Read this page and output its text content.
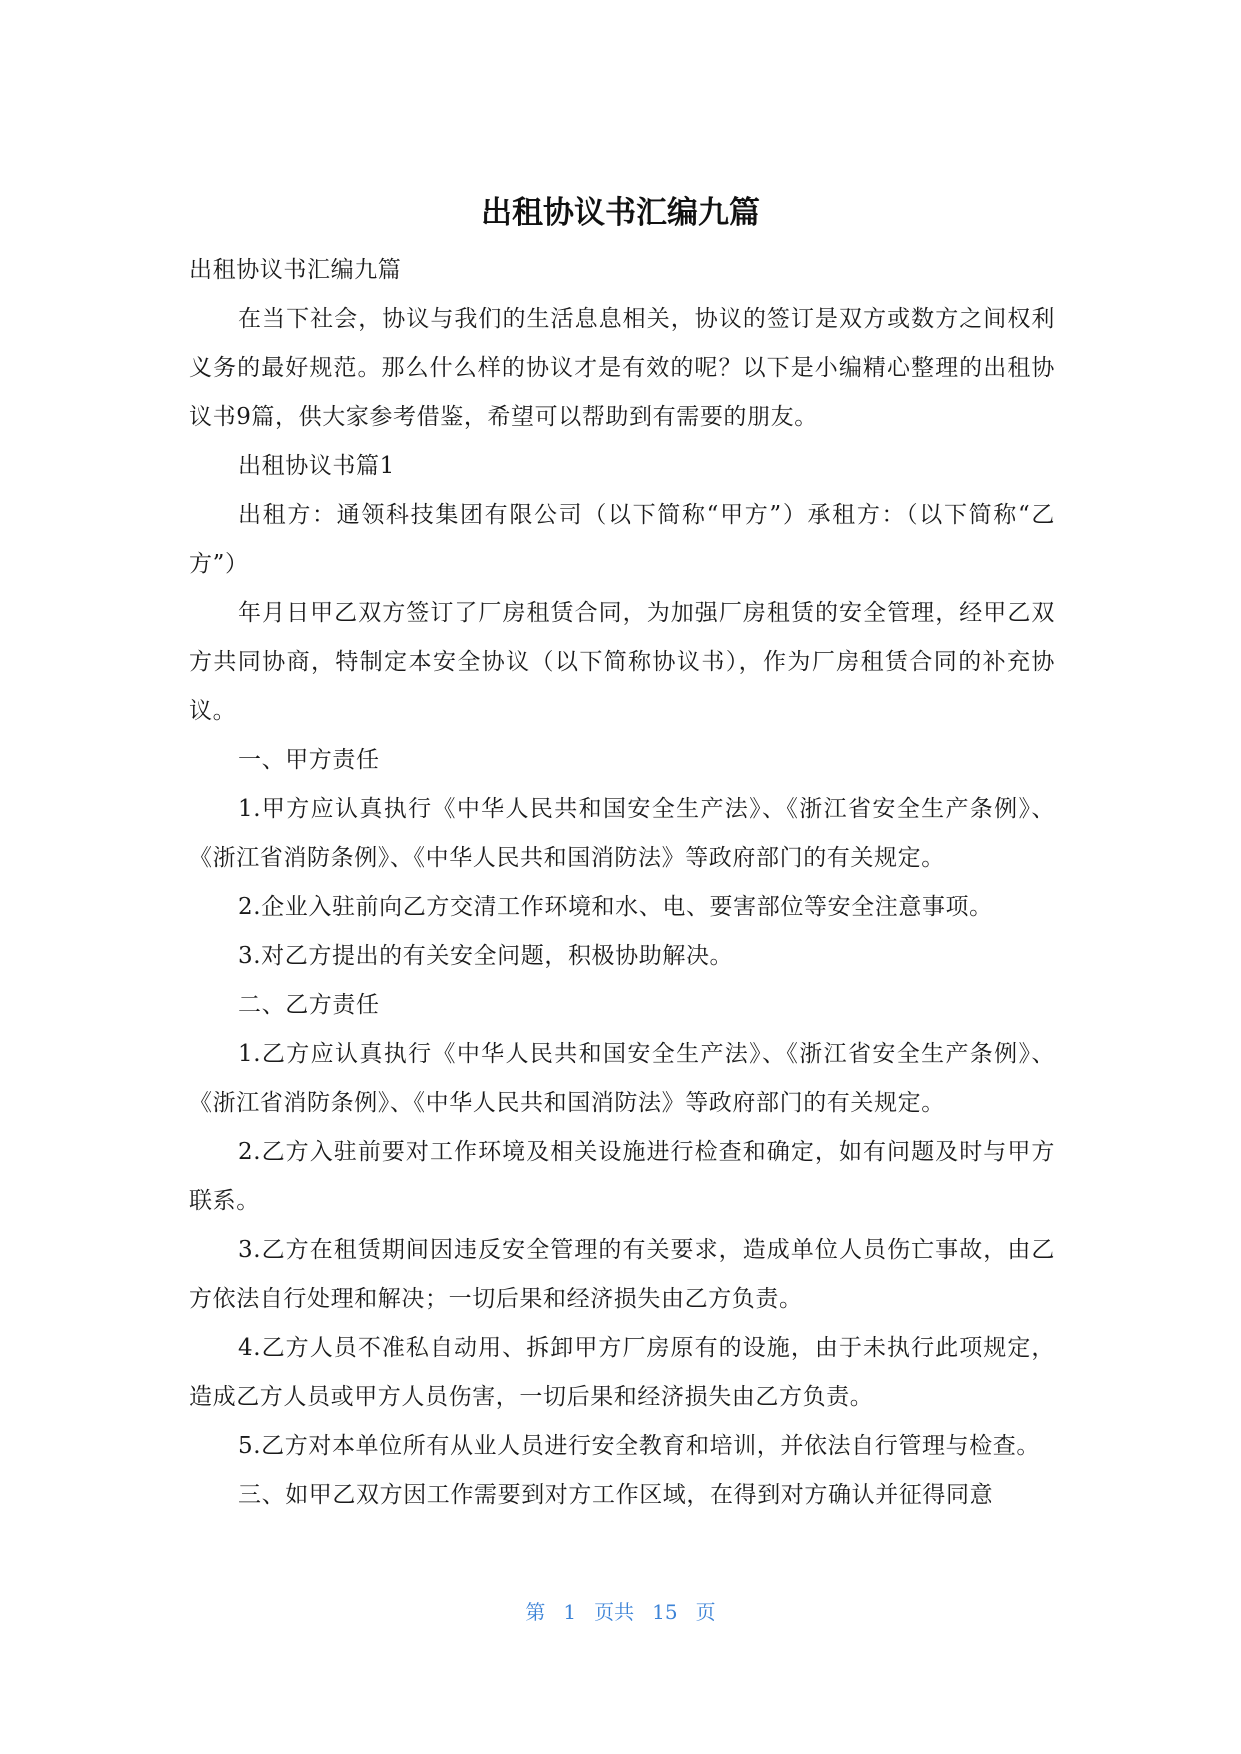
出租协议书汇编九篇

出租协议书汇编九篇

在当下社会，协议与我们的生活息息相关，协议的签订是双方或数方之间权利义务的最好规范。那么什么样的协议才是有效的呢？以下是小编精心整理的出租协议书9篇，供大家参考借鉴，希望可以帮助到有需要的朋友。

出租协议书篇1

出租方：通领科技集团有限公司（以下简称“甲方”）承租方：（以下简称“乙方”）

年月日甲乙双方签订了厂房租赁合同，为加强厂房租赁的安全管理，经甲乙双方共同协商，特制定本安全协议（以下简称协议书），作为厂房租赁合同的补充协议。

一、甲方责任

1.甲方应认真执行《中华人民共和国安全生产法》、《浙江省安全生产条例》、《浙江省消防条例》、《中华人民共和国消防法》等政府部门的有关规定。

2.企业入驻前向乙方交清工作环境和水、电、要害部位等安全注意事项。

3.对乙方提出的有关安全问题，积极协助解决。

二、乙方责任

1.乙方应认真执行《中华人民共和国安全生产法》、《浙江省安全生产条例》、《浙江省消防条例》、《中华人民共和国消防法》等政府部门的有关规定。

2.乙方入驻前要对工作环境及相关设施进行检查和确定，如有问题及时与甲方联系。

3.乙方在租赁期间因违反安全管理的有关要求，造成单位人员伤亡事故，由乙方依法自行处理和解决；一切后果和经济损失由乙方负责。

4.乙方人员不准私自动用、拆卸甲方厂房原有的设施，由于未执行此项规定，造成乙方人员或甲方人员伤害，一切后果和经济损失由乙方负责。

5.乙方对本单位所有从业人员进行安全教育和培训，并依法自行管理与检查。

三、如甲乙双方因工作需要到对方工作区域，在得到对方确认并征得同意

第 1 页共 15 页
